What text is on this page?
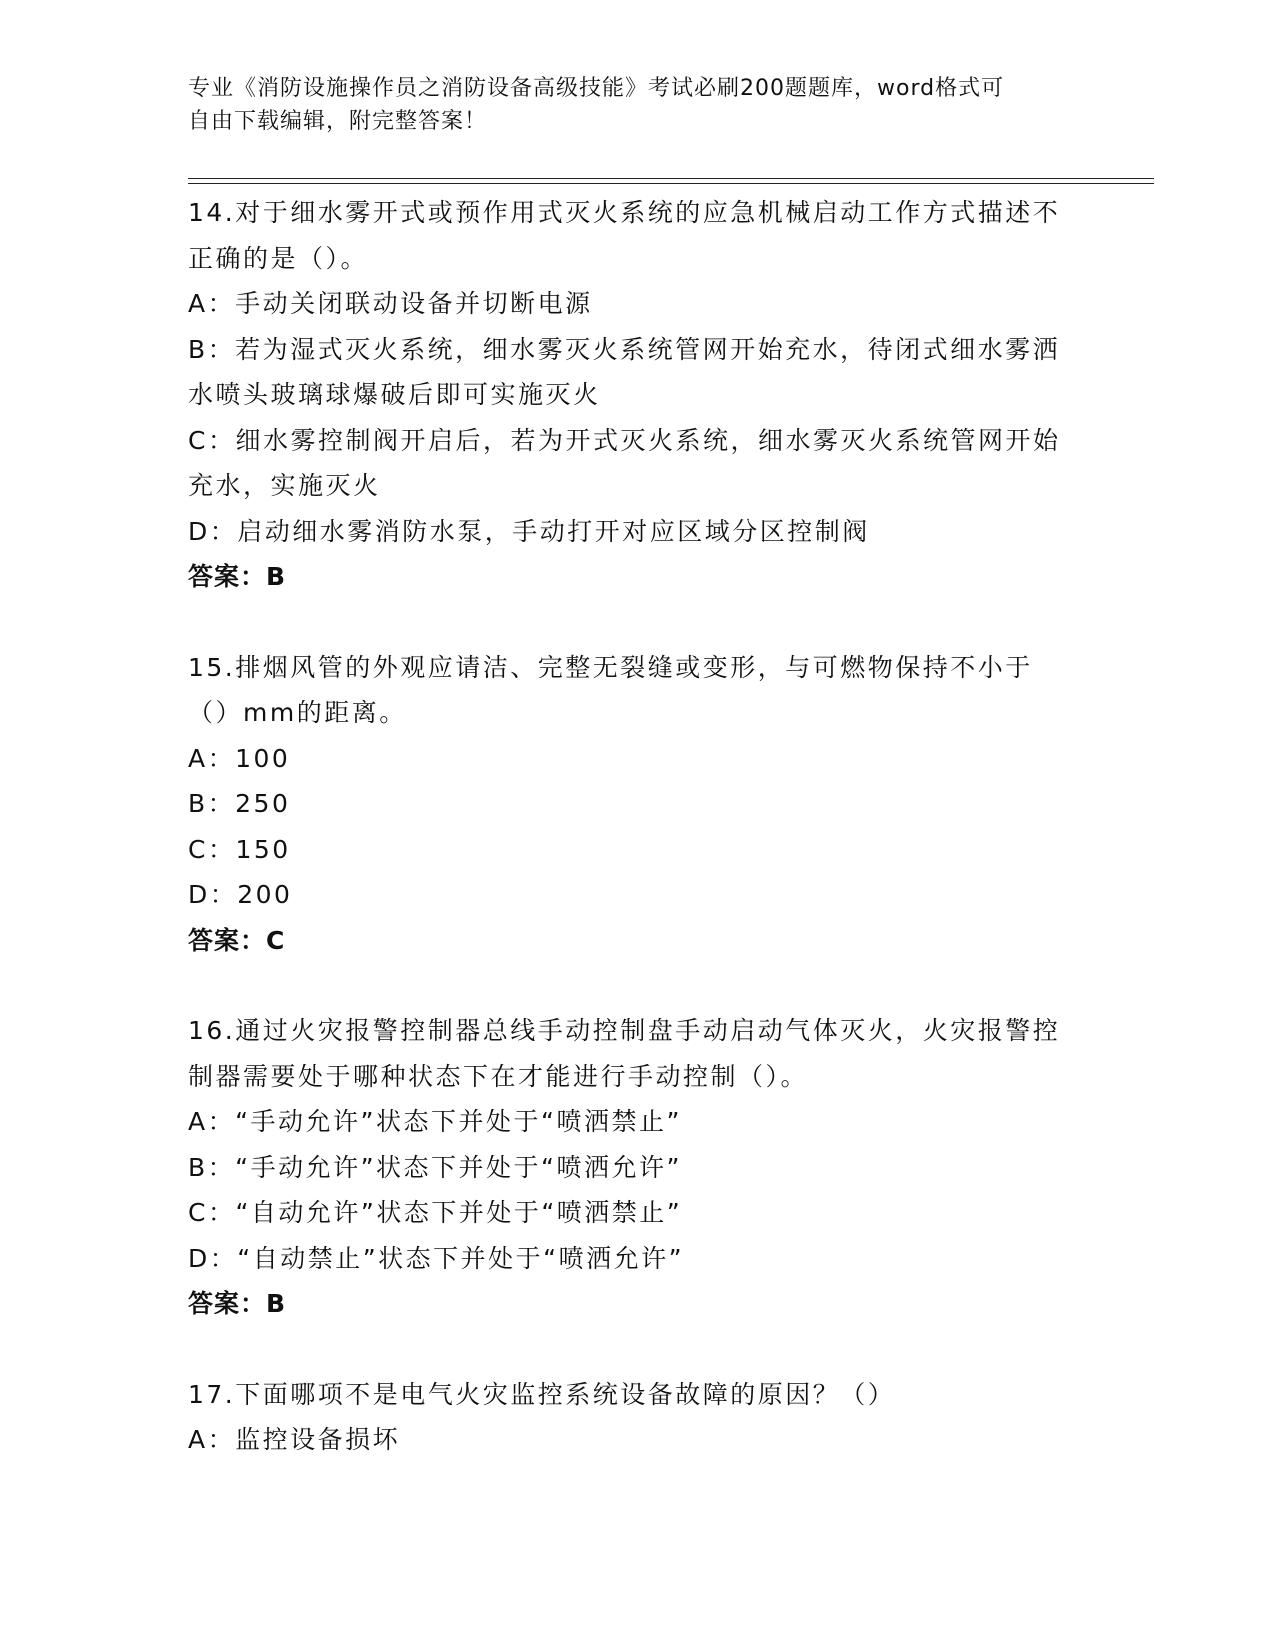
专业《消防设施操作员之消防设备高级技能》考试必刷200题题库，word格式可
自由下载编辑，附完整答案！

14.对于细水雾开式或预作用式灭火系统的应急机械启动工作方式描述不正确的是（）。

A：手动关闭联动设备并切断电源

B：若为湿式灭火系统，细水雾灭火系统管网开始充水，待闭式细水雾洒水喷头玻璃球爆破后即可实施灭火

C：细水雾控制阀开启后，若为开式灭火系统，细水雾灭火系统管网开始充水，实施灭火

D：启动细水雾消防水泵，手动打开对应区域分区控制阀

答案：B

15.排烟风管的外观应请洁、完整无裂缝或变形，与可燃物保持不小于（）mm的距离。

A：100

B：250

C：150

D：200

答案：C

16.通过火灾报警控制器总线手动控制盘手动启动气体灭火，火灾报警控制器需要处于哪种状态下在才能进行手动控制（）。

A：“手动允许”状态下并处于“喷洒禁止”

B：“手动允许”状态下并处于“喷洒允许”

C：“自动允许”状态下并处于“喷洒禁止”

D：“自动禁止”状态下并处于“喷洒允许”

答案：B

17.下面哪项不是电气火灾监控系统设备故障的原因？（）

A：监控设备损坏
